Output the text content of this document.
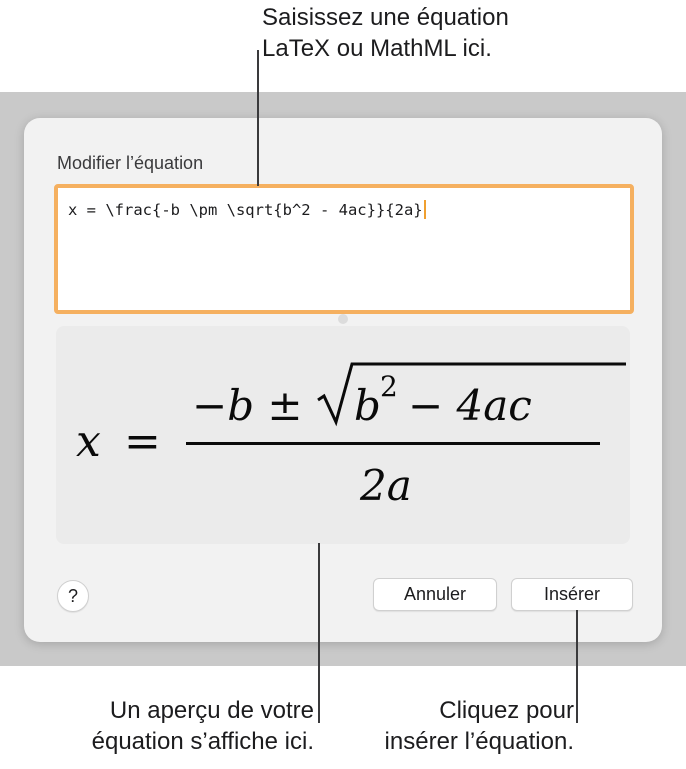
Saisissez une équation
LaTeX ou MathML ici.
Modifier l’équation
x = \frac{-b \pm \sqrt{b^2 - 4ac}}{2a}
x =
−b ± b 2 − 4ac
2a
?	Annuler	Insérer
Un aperçu de votre
équation s’affiche ici.
Cliquez pour
insérer l’équation.
